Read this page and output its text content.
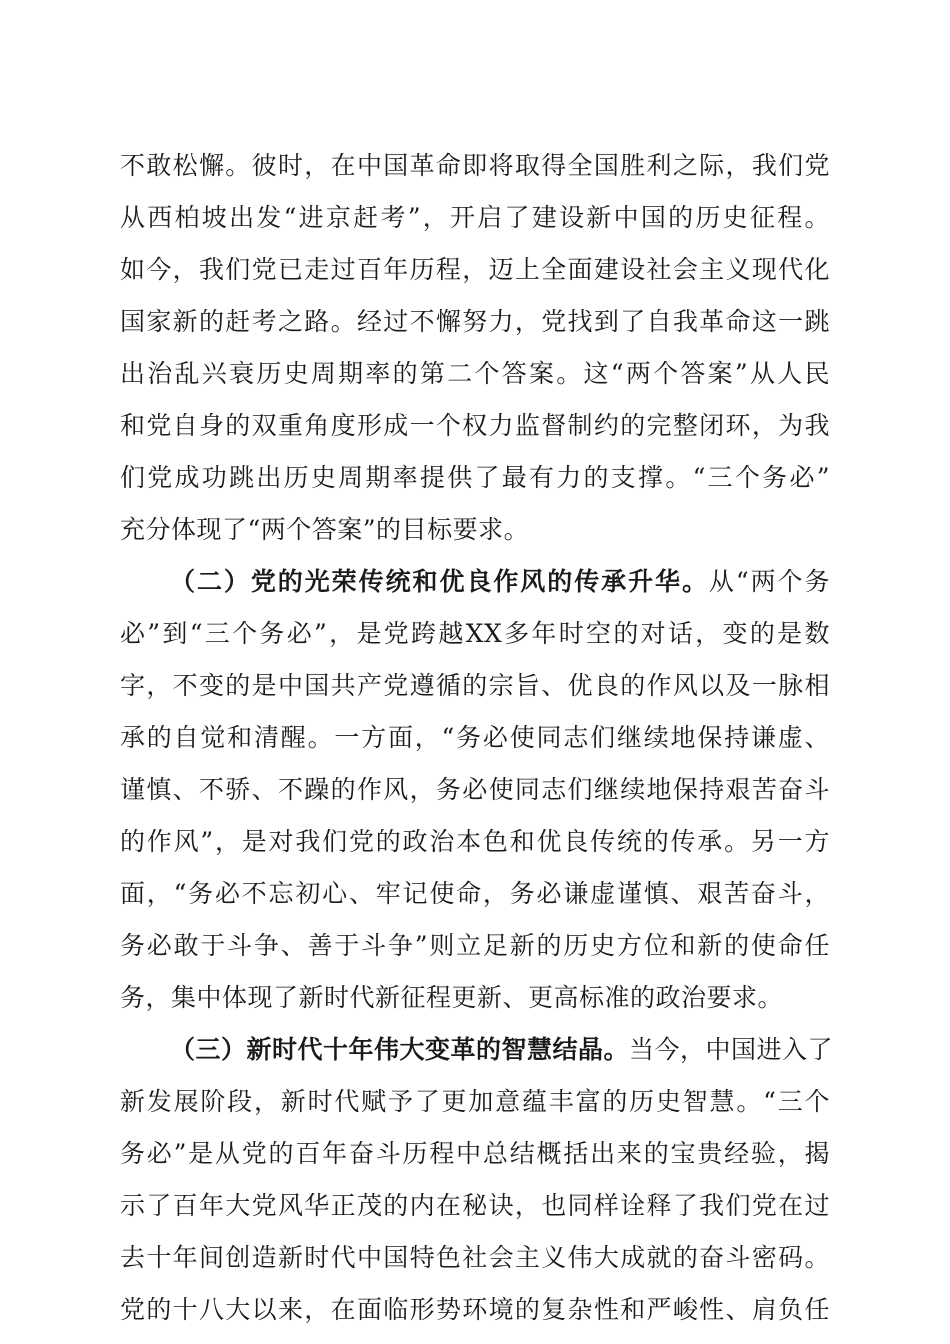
不敢松懈。彼时，在中国革命即将取得全国胜利之际，我们党
从西柏坡出发“进京赶考”，开启了建设新中国的历史征程。
如今，我们党已走过百年历程，迈上全面建设社会主义现代化
国家新的赶考之路。经过不懈努力，党找到了自我革命这一跳
出治乱兴衰历史周期率的第二个答案。这“两个答案”从人民
和党自身的双重角度形成一个权力监督制约的完整闭环，为我
们党成功跳出历史周期率提供了最有力的支撑。“三个务必”
充分体现了“两个答案”的目标要求。
（二）党的光荣传统和优良作风的传承升华。从“两个务
必”到“三个务必”，是党跨越XX多年时空的对话，变的是数
字，不变的是中国共产党遵循的宗旨、优良的作风以及一脉相
承的自觉和清醒。一方面，“务必使同志们继续地保持谦虚、
谨慎、不骄、不躁的作风，务必使同志们继续地保持艰苦奋斗
的作风”，是对我们党的政治本色和优良传统的传承。另一方
面，“务必不忘初心、牢记使命，务必谦虚谨慎、艰苦奋斗，
务必敢于斗争、善于斗争”则立足新的历史方位和新的使命任
务，集中体现了新时代新征程更新、更高标准的政治要求。
（三）新时代十年伟大变革的智慧结晶。当今，中国进入了
新发展阶段，新时代赋予了更加意蕴丰富的历史智慧。“三个
务必”是从党的百年奋斗历程中总结概括出来的宝贵经验，揭
示了百年大党风华正茂的内在秘诀，也同样诠释了我们党在过
去十年间创造新时代中国特色社会主义伟大成就的奋斗密码。
党的十八大以来，在面临形势环境的复杂性和严峻性、肩负任
